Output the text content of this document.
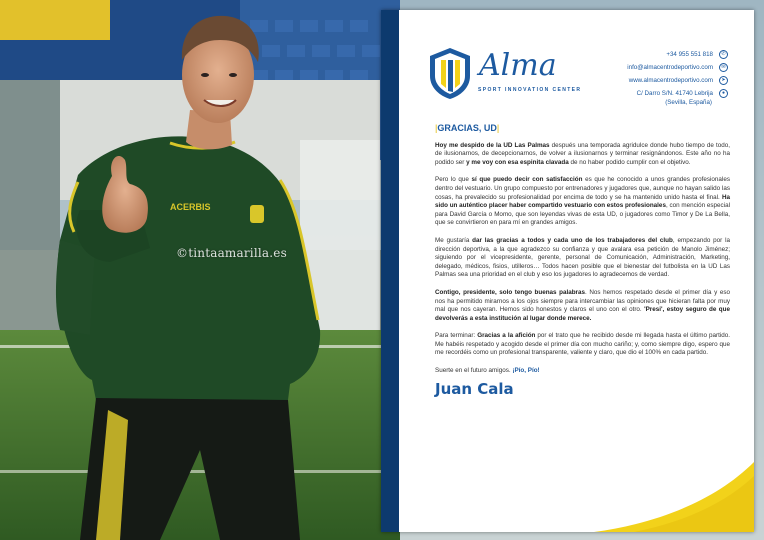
ACERBIS
©tintaamarilla.es
Alma
SPORT INNOVATION CENTER
+34 955 551 818	✆
info@almacentrodeportivo.com	✉
www.almacentrodeportivo.com	➤
C/ Darro S/N. 41740 Lebrija	●
(Sevilla, España)
|GRACIAS, UD|

Hoy me despido de la UD Las Palmas después una temporada agridulce donde hubo tiempo de todo, de ilusionarnos, de decepcionarnos, de volver a ilusionarnos y terminar resignándonos. Este año no ha podido ser y me voy con esa espinita clavada de no haber podido cumplir con el objetivo.

Pero lo que sí que puedo decir con satisfacción es que he conocido a unos grandes profesionales dentro del vestuario. Un grupo compuesto por entrenadores y jugadores que, aunque no hayan salido las cosas, ha prevalecido su profesionalidad por encima de todo y se ha mantenido unido hasta el final. Ha sido un auténtico placer haber compartido vestuario con estos profesionales, con mención especial para David García o Momo, que son leyendas vivas de esta UD, o jugadores como Timor y De La Bella, que se convirtieron en para mí en grandes amigos.

Me gustaría dar las gracias a todos y cada uno de los trabajadores del club, empezando por la dirección deportiva, a la que agradezco su confianza y que avalara esa petición de Manolo Jiménez; siguiendo por el vicepresidente, gerente, personal de Comunicación, Administración, Marketing, delegado, médicos, fisios, utilleros… Todos hacen posible que el bienestar del futbolista en la UD Las Palmas sea una prioridad en el club y eso los jugadores lo agradecemos de verdad.

Contigo, presidente, solo tengo buenas palabras. Nos hemos respetado desde el primer día y eso nos ha permitido mirarnos a los ojos siempre para intercambiar las opiniones que hicieran falta por muy mal que nos cayeran. Hemos sido honestos y claros el uno con el otro. 'Presi', estoy seguro de que devolverás a esta institución al lugar donde merece.

Para terminar: Gracias a la afición por el trato que he recibido desde mi llegada hasta el último partido. Me habéis respetado y acogido desde el primer día con mucho cariño; y, como siempre digo, espero que me recordéis como un profesional transparente, valiente y claro, que dio el 100% en cada partido.

Suerte en el futuro amigos. ¡Pío, Pío!

Juan Cala
